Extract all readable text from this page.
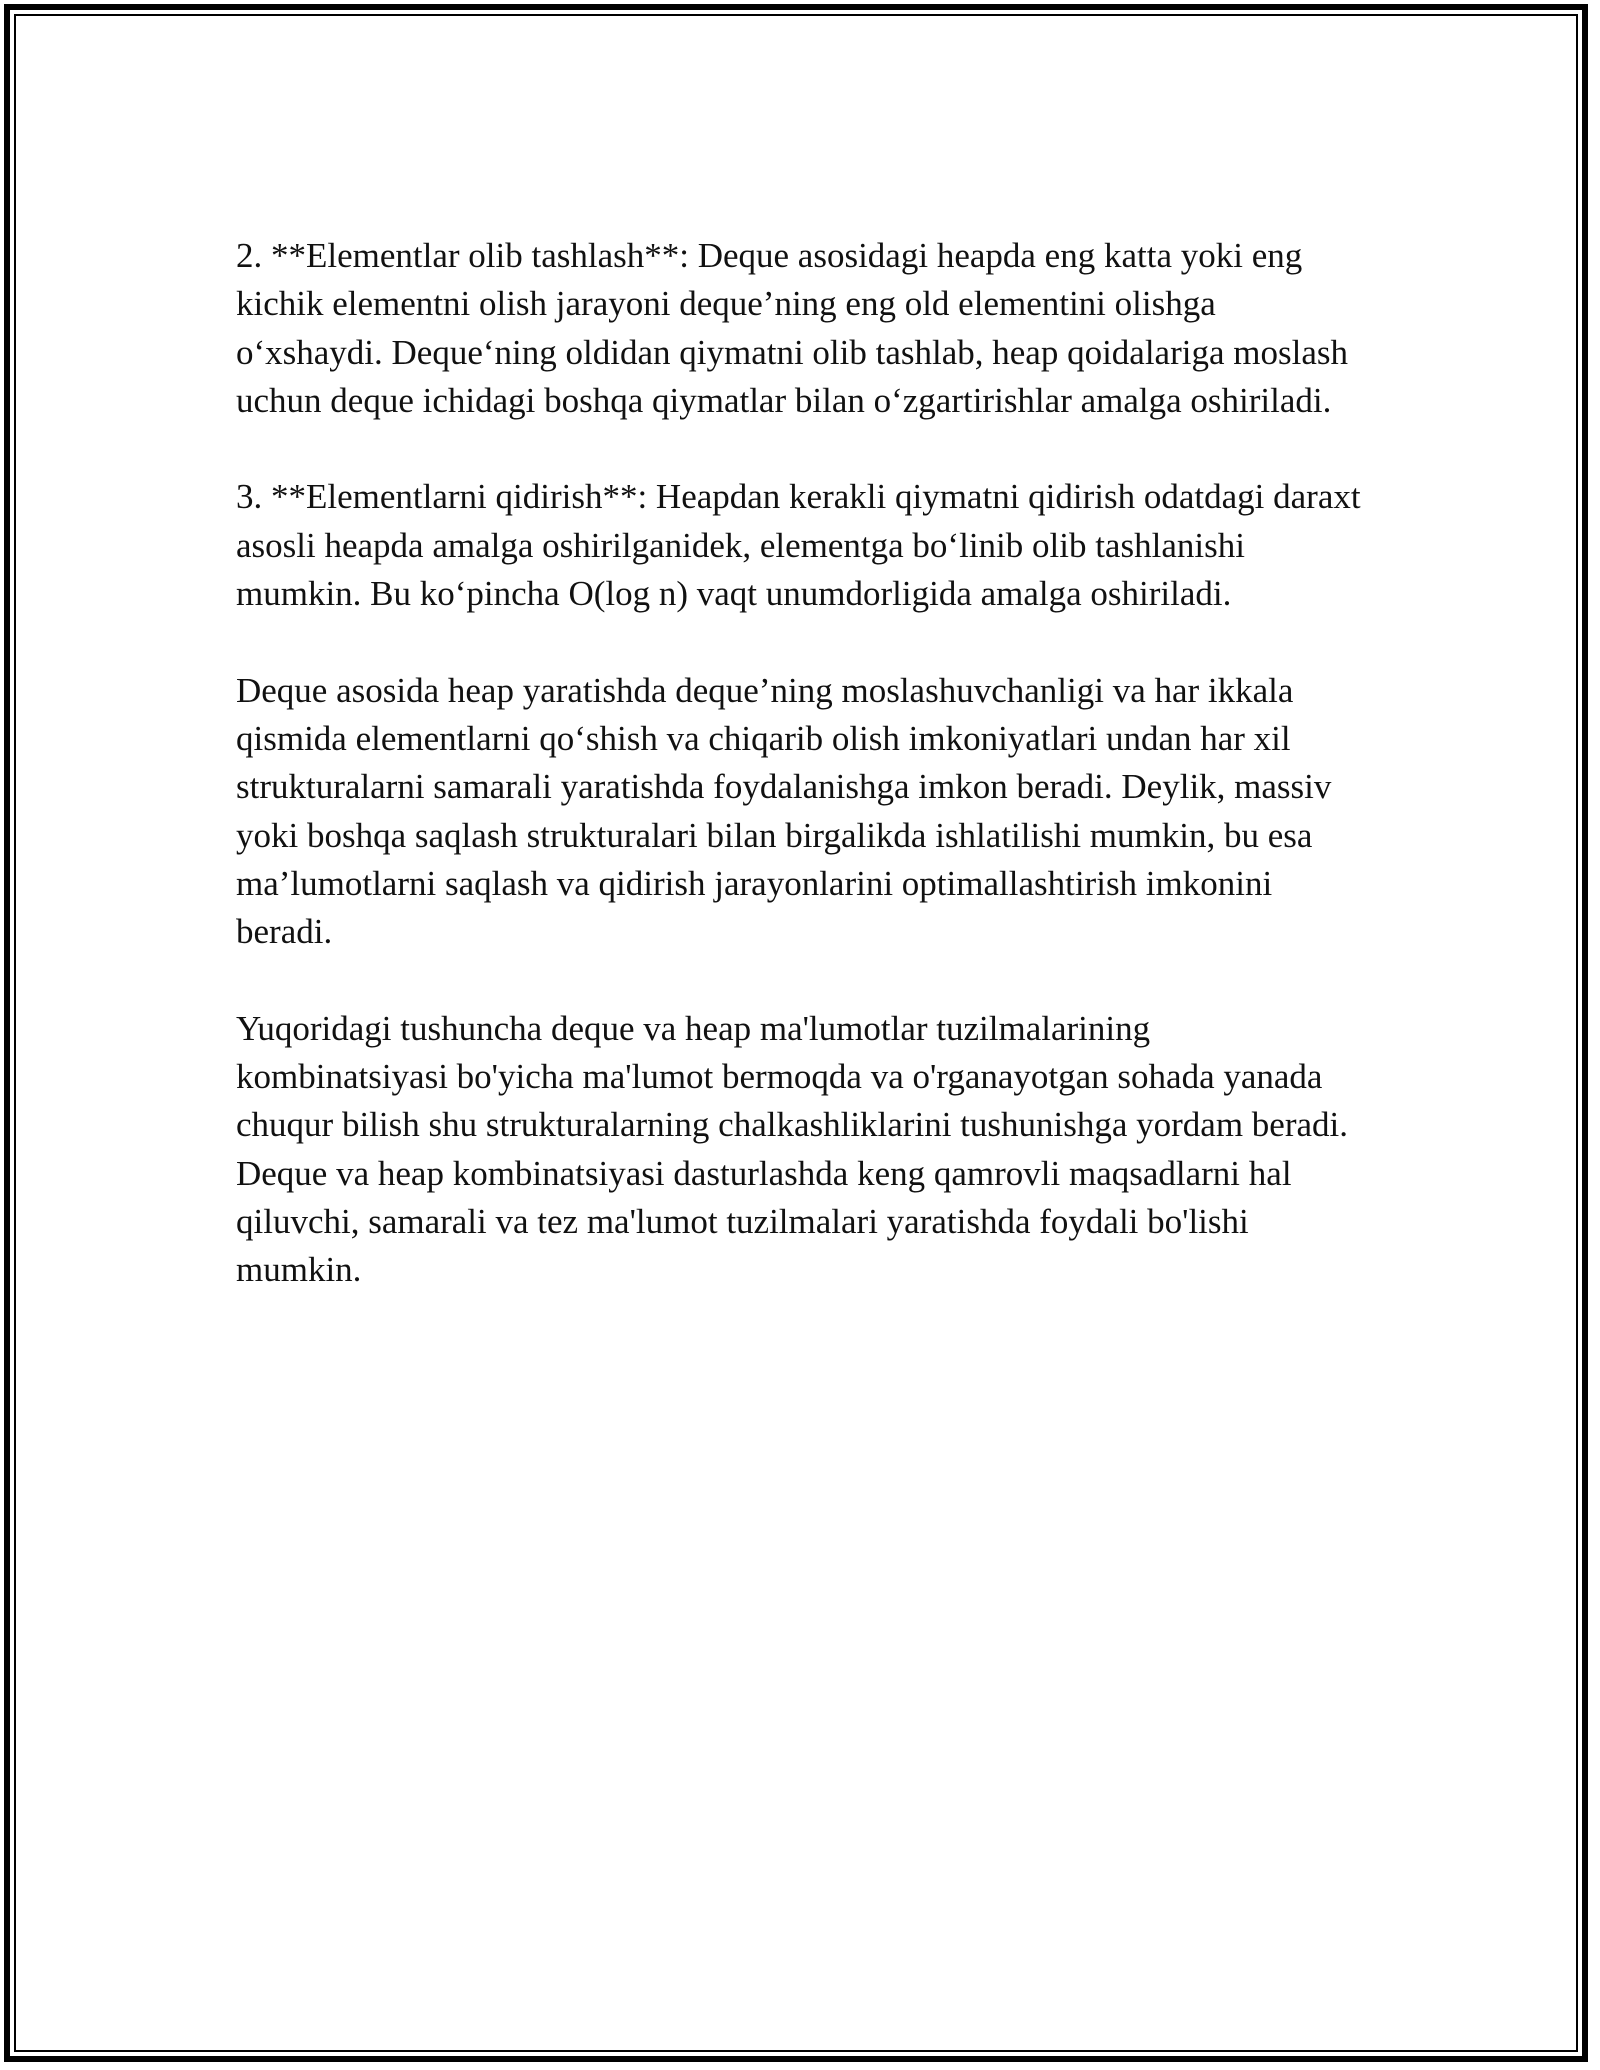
2. **Elementlar olib tashlash**: Deque asosidagi heapda eng katta yoki eng kichik elementni olish jarayoni deque’ning eng old elementini olishga o‘xshaydi. Deque‘ning oldidan qiymatni olib tashlab, heap qoidalariga moslash uchun deque ichidagi boshqa qiymatlar bilan o‘zgartirishlar amalga oshiriladi.

3. **Elementlarni qidirish**: Heapdan kerakli qiymatni qidirish odatdagi daraxt asosli heapda amalga oshirilganidek, elementga bo‘linib olib tashlanishi mumkin. Bu ko‘pincha O(log n) vaqt unumdorligida amalga oshiriladi.

Deque asosida heap yaratishda deque’ning moslashuvchanligi va har ikkala qismida elementlarni qo‘shish va chiqarib olish imkoniyatlari undan har xil strukturalarni samarali yaratishda foydalanishga imkon beradi. Deylik, massiv yoki boshqa saqlash strukturalari bilan birgalikda ishlatilishi mumkin, bu esa ma’lumotlarni saqlash va qidirish jarayonlarini optimallashtirish imkonini beradi.

Yuqoridagi tushuncha deque va heap ma'lumotlar tuzilmalarining kombinatsiyasi bo'yicha ma'lumot bermoqda va o'rganayotgan sohada yanada chuqur bilish shu strukturalarning chalkashliklarini tushunishga yordam beradi. Deque va heap kombinatsiyasi dasturlashda keng qamrovli maqsadlarni hal qiluvchi, samarali va tez ma'lumot tuzilmalari yaratishda foydali bo'lishi mumkin.
